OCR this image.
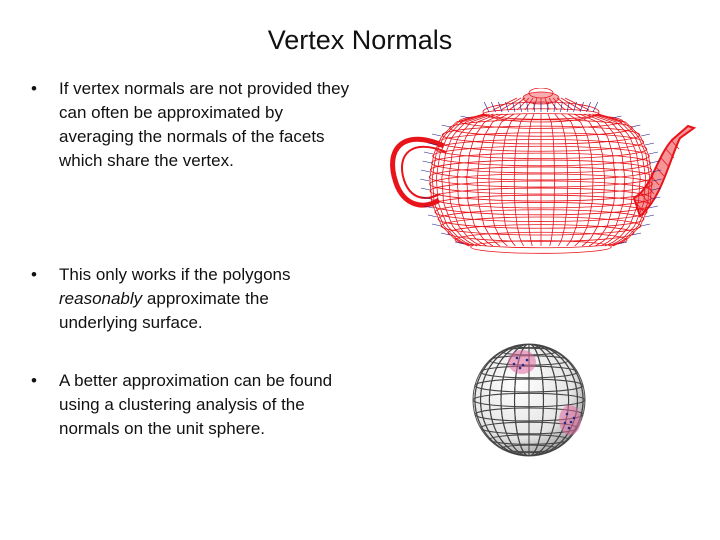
Vertex Normals
• If vertex normals are not provided they can often be approximated by averaging the normals of the facets which share the vertex.
• This only works if the polygons reasonably approximate the underlying surface.
• A better approximation can be found using a clustering analysis of the normals on the unit sphere.
